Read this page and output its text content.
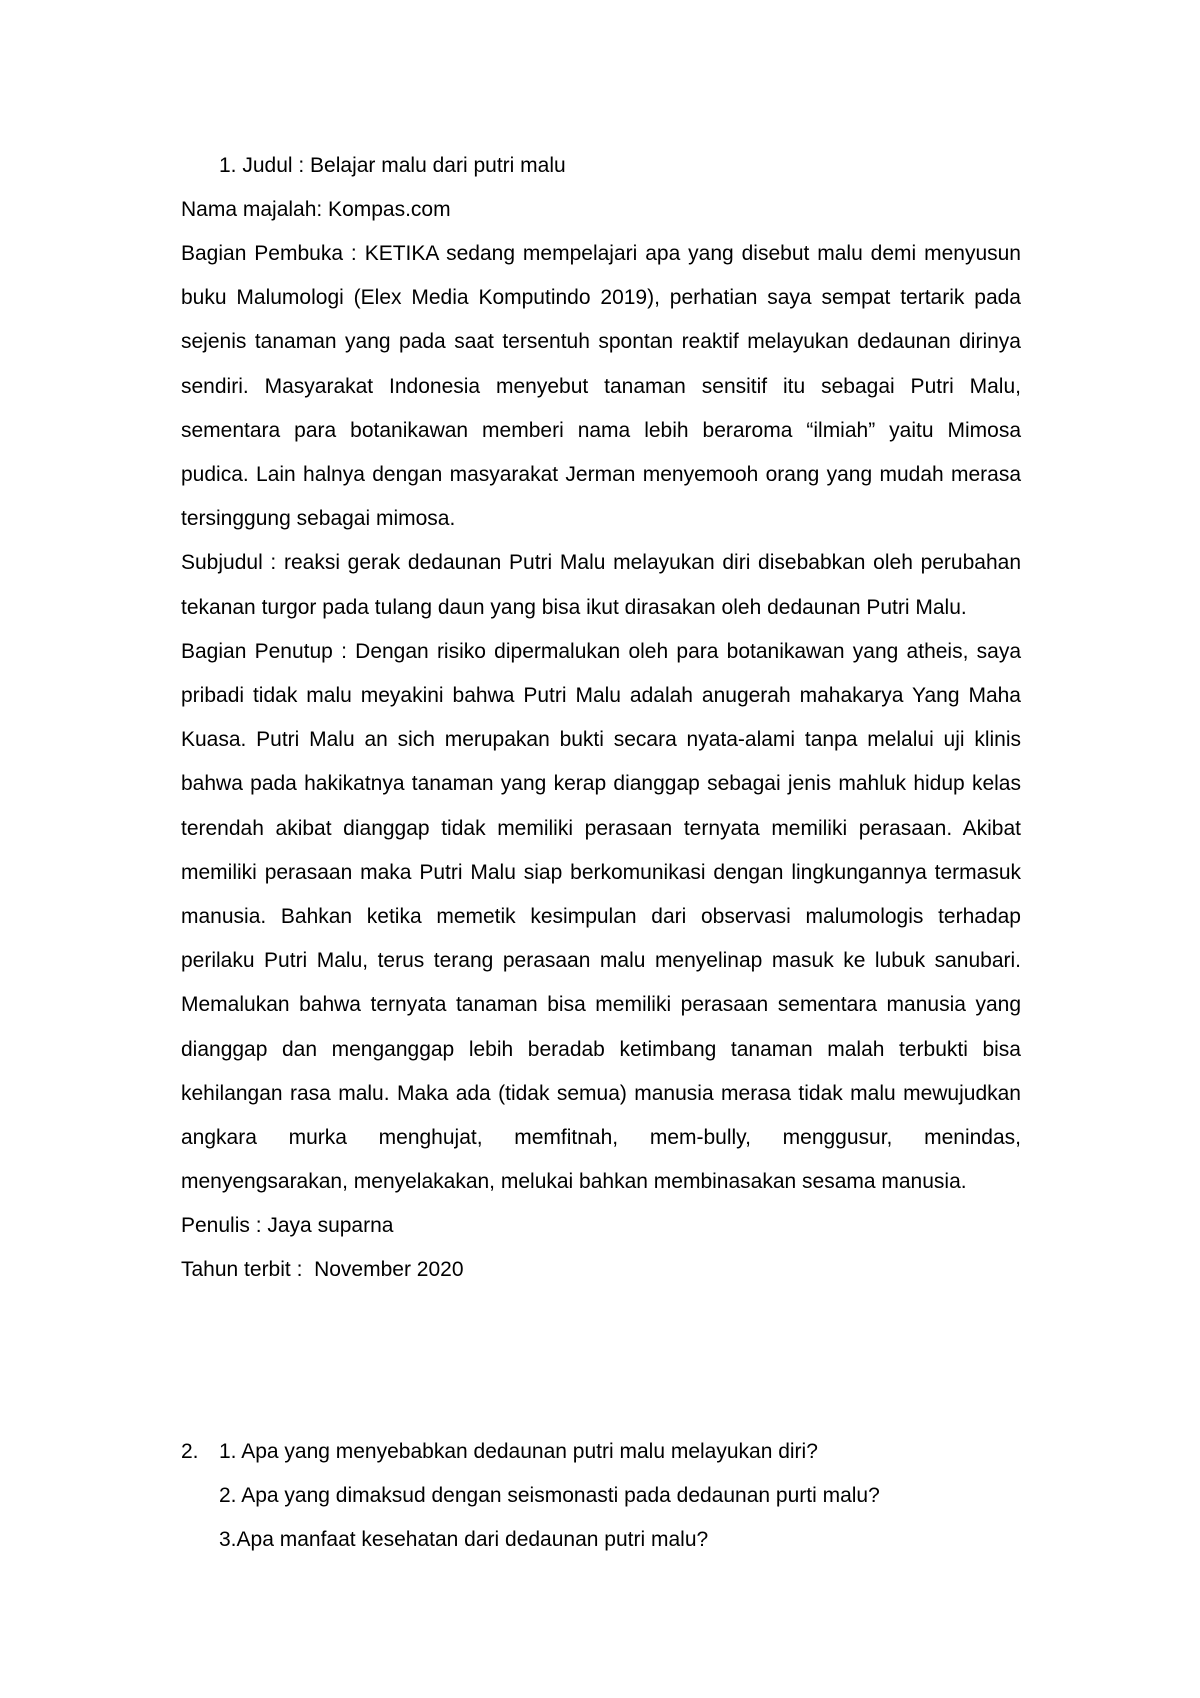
1. Judul : Belajar malu dari putri malu

Nama majalah: Kompas.com

Bagian Pembuka : KETIKA sedang mempelajari apa yang disebut malu demi menyusun buku Malumologi (Elex Media Komputindo 2019), perhatian saya sempat tertarik pada sejenis tanaman yang pada saat tersentuh spontan reaktif melayukan dedaunan dirinya sendiri. Masyarakat Indonesia menyebut tanaman sensitif itu sebagai Putri Malu, sementara para botanikawan memberi nama lebih beraroma “ilmiah” yaitu Mimosa pudica. Lain halnya dengan masyarakat Jerman menyemooh orang yang mudah merasa tersinggung sebagai mimosa.

Subjudul : reaksi gerak dedaunan Putri Malu melayukan diri disebabkan oleh perubahan tekanan turgor pada tulang daun yang bisa ikut dirasakan oleh dedaunan Putri Malu.

Bagian Penutup : Dengan risiko dipermalukan oleh para botanikawan yang atheis, saya pribadi tidak malu meyakini bahwa Putri Malu adalah anugerah mahakarya Yang Maha Kuasa. Putri Malu an sich merupakan bukti secara nyata-alami tanpa melalui uji klinis bahwa pada hakikatnya tanaman yang kerap dianggap sebagai jenis mahluk hidup kelas terendah akibat dianggap tidak memiliki perasaan ternyata memiliki perasaan. Akibat memiliki perasaan maka Putri Malu siap berkomunikasi dengan lingkungannya termasuk manusia. Bahkan ketika memetik kesimpulan dari observasi malumologis terhadap perilaku Putri Malu, terus terang perasaan malu menyelinap masuk ke lubuk sanubari. Memalukan bahwa ternyata tanaman bisa memiliki perasaan sementara manusia yang dianggap dan menganggap lebih beradab ketimbang tanaman malah terbukti bisa kehilangan rasa malu. Maka ada (tidak semua) manusia merasa tidak malu mewujudkan angkara murka menghujat, memfitnah, mem-bully, menggusur, menindas, menyengsarakan, menyelakakan, melukai bahkan membinasakan sesama manusia.

Penulis : Jaya suparna

Tahun terbit :  November 2020

2. 1. Apa yang menyebabkan dedaunan putri malu melayukan diri?

2. Apa yang dimaksud dengan seismonasti pada dedaunan purti malu?

3.Apa manfaat kesehatan dari dedaunan putri malu?
